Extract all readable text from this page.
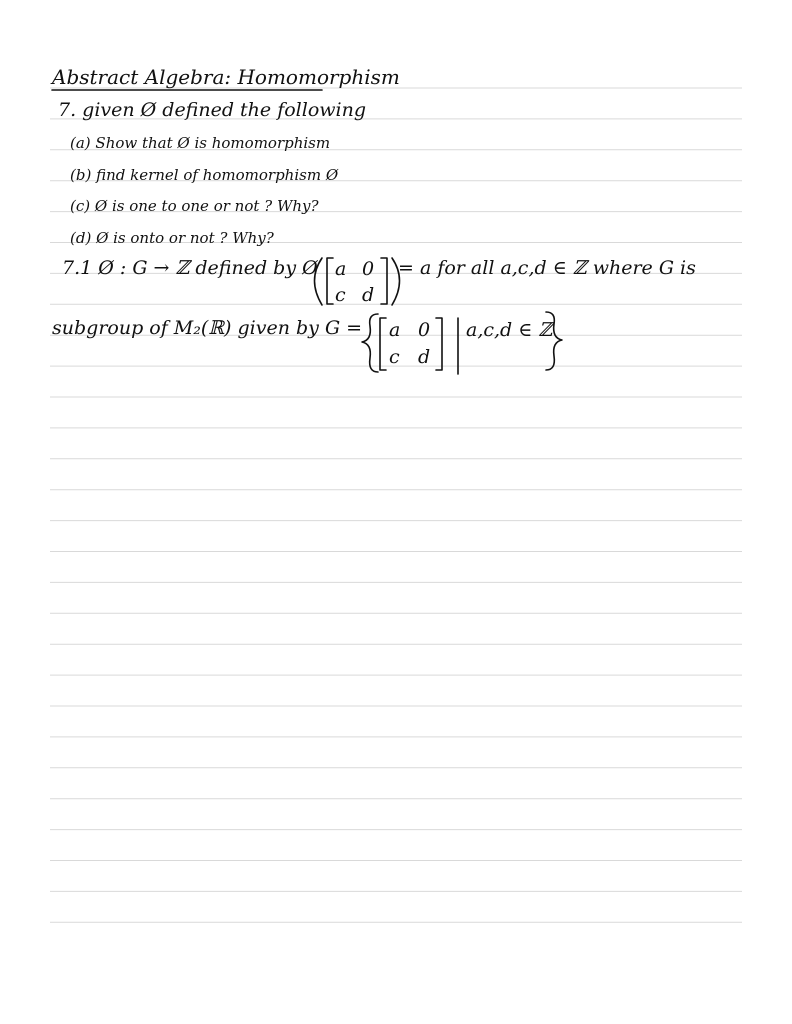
Abstract Algebra: Homomorphism
7. given Ø defined the following
(a) Show that Ø is homomorphism
(b) find kernel of homomorphism Ø
(c) Ø is one to one or not ? Why?
(d) Ø is onto or not ? Why?
7.1 Ø : G → ℤ defined by Ø a 0
c d
= a for all a,c,d ∈ ℤ where G is
subgroup of M₂(ℝ) given by G = a 0
c d
a,c,d ∈ ℤ
